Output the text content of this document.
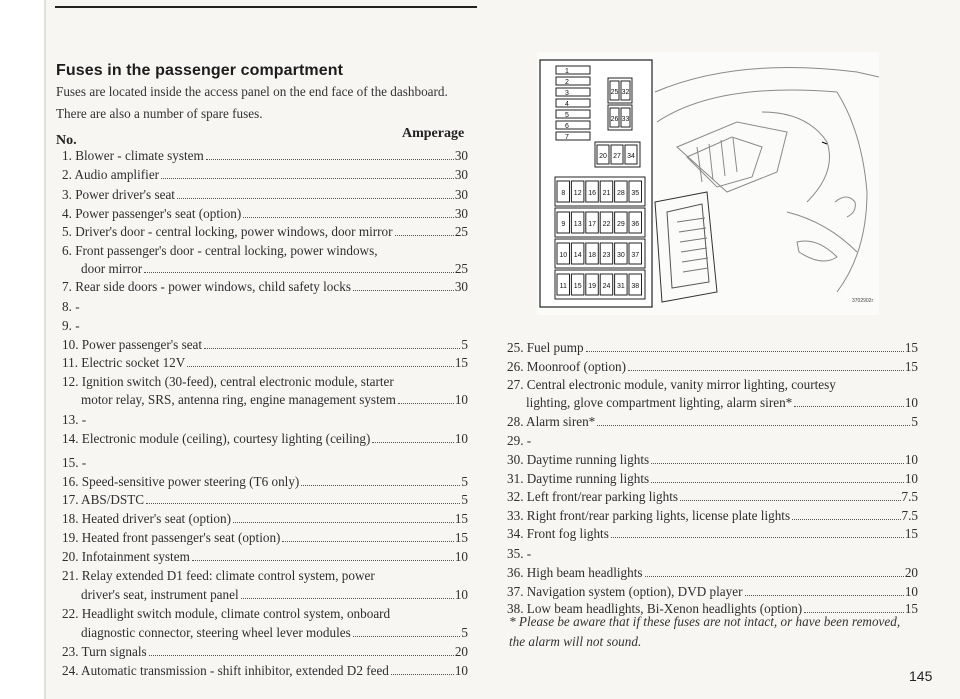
Fuses in the passenger compartment
Fuses are located inside the access panel on the end face of the dashboard.
There are also a number of spare fuses.
No.	Amperage
1. Blower - climate system	30
2. Audio amplifier	30
3. Power driver's seat	30
4. Power passenger's seat (option)	30
5. Driver's door - central locking, power windows, door mirror	25
6. Front passenger's door - central locking, power windows,
door mirror	25
7. Rear side doors - power windows, child safety locks	30
8. -
9. -
10. Power passenger's seat	5
11. Electric socket 12V	15
12. Ignition switch (30-feed), central electronic module, starter
motor relay, SRS, antenna ring, engine management system	10
13. -
14. Electronic module (ceiling), courtesy lighting (ceiling)	10
15. -
16. Speed-sensitive power steering (T6 only)	5
17. ABS/DSTC	5
18. Heated driver's seat (option)	15
19. Heated front passenger's seat (option)	15
20. Infotainment system	10
21. Relay extended D1 feed: climate control system, power
driver's seat, instrument panel	10
22. Headlight switch module, climate control system, onboard
diagnostic connector, steering wheel lever modules	5
23. Turn signals	20
24. Automatic transmission - shift inhibitor, extended D2 feed	10
25. Fuel pump	15
26. Moonroof (option)	15
27. Central electronic module, vanity mirror lighting, courtesy
lighting, glove compartment lighting, alarm siren*	10
28. Alarm siren*	5
29. -
30. Daytime running lights	10
31. Daytime running lights	10
32. Left front/rear parking lights	7.5
33. Right front/rear parking lights, license plate lights	7.5
34. Front fog lights	15
35. -
36. High beam headlights	20
37. Navigation system (option), DVD player	10
38. Low beam headlights, Bi-Xenon headlights (option)	15
* Please be aware that if these fuses are not intact, or have been removed,
the alarm will not sound.
3702902r
1
2
3
4
5
6
7
25 32
26 33
20 27 34
8 12 16 21 28 35
9 13 17 22 29 36
10 14 18 23 30 37
11 15 19 24 31 38
145
